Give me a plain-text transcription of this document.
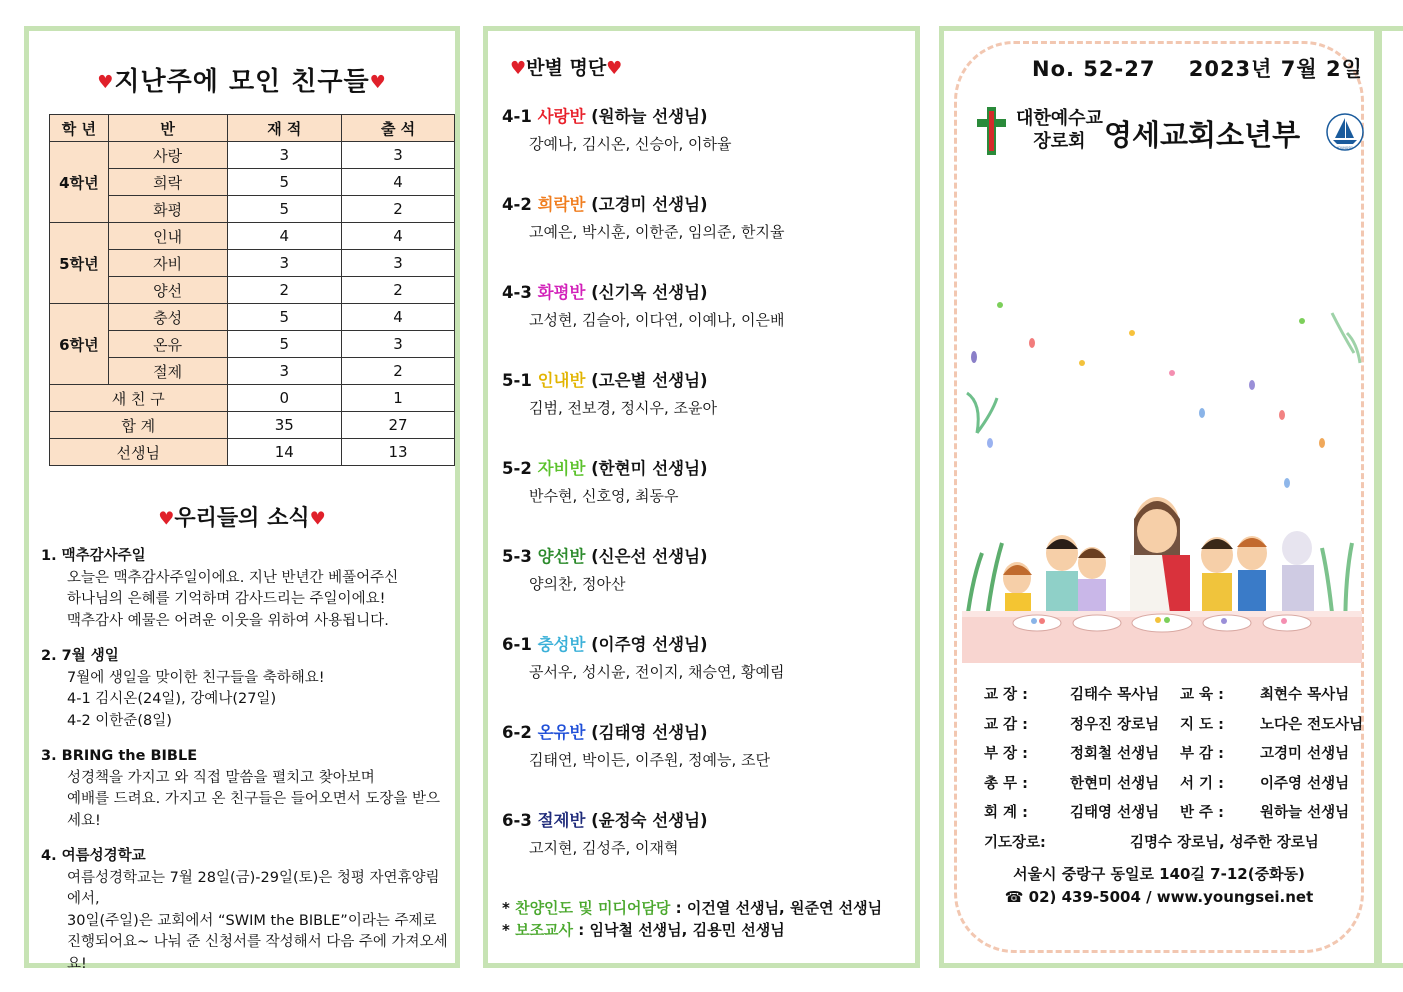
♥지난주에 모인 친구들♥
학 년	반	재 적	출 석
4학년	사랑	3	3
	희락	5	4
	화평	5	2
5학년	인내	4	4
	자비	3	3
	양선	2	2
6학년	충성	5	4
	온유	5	3
	절제	3	2
새 친 구		0	1
합 계		35	27
선생님		14	13
♥우리들의 소식♥
1. 맥추감사주일
오늘은 맥추감사주일이에요. 지난 반년간 베풀어주신
하나님의 은혜를 기억하며 감사드리는 주일이에요!
맥추감사 예물은 어려운 이웃을 위하여 사용됩니다.
2. 7월 생일
7월에 생일을 맞이한 친구들을 축하해요!
4-1 김시온(24일), 강예나(27일)
4-2 이한준(8일)
3. BRING the BIBLE
성경책을 가지고 와 직접 말씀을 펼치고 찾아보며
예배를 드려요. 가지고 온 친구들은 들어오면서 도장을 받으세요!
4. 여름성경학교
여름성경학교는 7월 28일(금)-29일(토)은 청평 자연휴양림에서,
30일(주일)은 교회에서 “SWIM the BIBLE”이라는 주제로
진행되어요~ 나눠 준 신청서를 작성해서 다음 주에 가져오세요!
♥반별 명단♥
4-1 사랑반 (원하늘 선생님)
강예나, 김시온, 신승아, 이하율
4-2 희락반 (고경미 선생님)
고예은, 박시훈, 이한준, 임의준, 한지율
4-3 화평반 (신기옥 선생님)
고성현, 김슬아, 이다연, 이예나, 이은배
5-1 인내반 (고은별 선생님)
김범, 전보경, 정시우, 조윤아
5-2 자비반 (한현미 선생님)
반수현, 신호영, 최동우
5-3 양선반 (신은선 선생님)
양의찬, 정아산
6-1 충성반 (이주영 선생님)
공서우, 성시윤, 전이지, 채승연, 황예림
6-2 온유반 (김태영 선생님)
김태연, 박이든, 이주원, 정예능, 조단
6-3 절제반 (윤정숙 선생님)
고지현, 김성주, 이재혁
* 찬양인도 및 미디어담당 : 이건열 선생님, 원준연 선생님
* 보조교사 : 임낙철 선생님, 김용민 선생님
No. 52-27 2023년 7월 2일
대한예수교
장로회 영세교회소년부	YOUNGSEI
교 장 :	김태수 목사님 교 육 : 최현수 목사님
교 감 :	정우진 장로님 지 도 : 노다은 전도사님
부 장 :	정회철 선생님 부 감 : 고경미 선생님
총 무 :	한현미 선생님 서 기 : 이주영 선생님
회 계 :	김태영 선생님 반 주 : 원하늘 선생님
기도장로:	김명수 장로님, 성주한 장로님
서울시 중랑구 동일로 140길 7-12(중화동)
☎ 02) 439-5004 / www.youngsei.net
